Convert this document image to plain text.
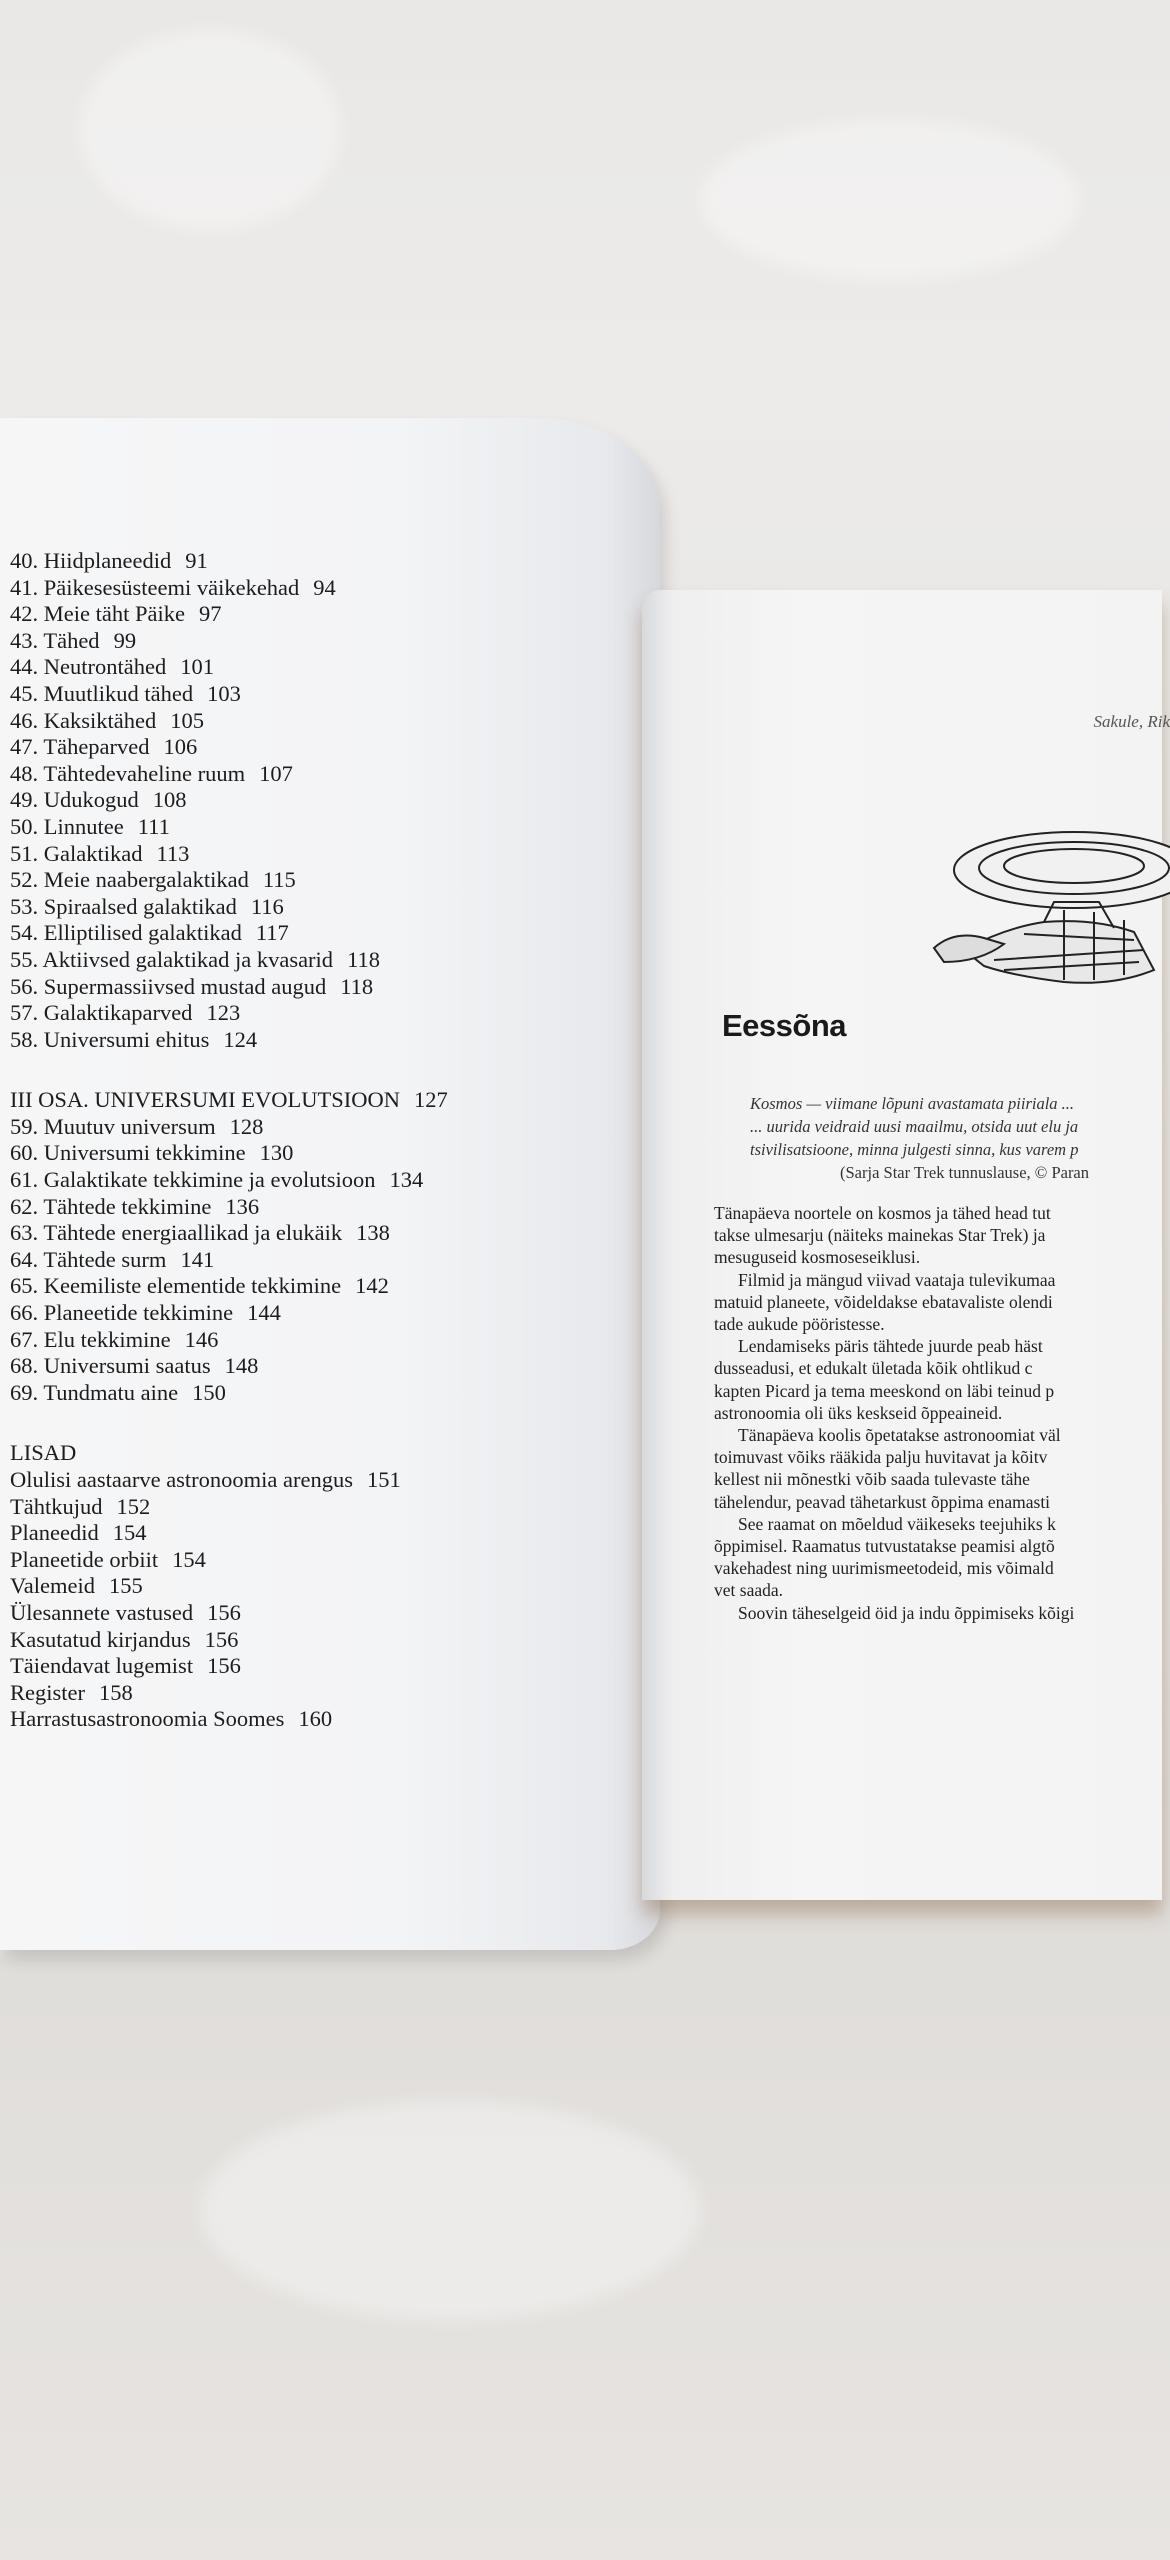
40. Hiidplaneedid 91
41. Päikesesüsteemi väikekehad 94
42. Meie täht Päike 97
43. Tähed 99
44. Neutrontähed 101
45. Muutlikud tähed 103
46. Kaksiktähed 105
47. Täheparved 106
48. Tähtedevaheline ruum 107
49. Udukogud 108
50. Linnutee 111
51. Galaktikad 113
52. Meie naabergalaktikad 115
53. Spiraalsed galaktikad 116
54. Elliptilised galaktikad 117
55. Aktiivsed galaktikad ja kvasarid 118
56. Supermassiivsed mustad augud 118
57. Galaktikaparved 123
58. Universumi ehitus 124
III OSA. UNIVERSUMI EVOLUTSIOON 127
59. Muutuv universum 128
60. Universumi tekkimine 130
61. Galaktikate tekkimine ja evolutsioon 134
62. Tähtede tekkimine 136
63. Tähtede energiaallikad ja elukäik 138
64. Tähtede surm 141
65. Keemiliste elementide tekkimine 142
66. Planeetide tekkimine 144
67. Elu tekkimine 146
68. Universumi saatus 148
69. Tundmatu aine 150
LISAD
Olulisi aastaarve astronoomia arengus 151
Tähtkujud 152
Planeedid 154
Planeetide orbiit 154
Valemeid 155
Ülesannete vastused 156
Kasutatud kirjandus 156
Täiendavat lugemist 156
Register 158
Harrastusastronoomia Soomes 160
Sakule, Rik
Eessõna
Kosmos — viimane lõpuni avastamata piiriala ...
... uurida veidraid uusi maailmu, otsida uut elu ja
tsivilisatsioone, minna julgesti sinna, kus varem p
(Sarja Star Trek tunnuslause, © Paran
Tänapäeva noortele on kosmos ja tähed head tut
takse ulmesarju (näiteks mainekas Star Trek) ja
mesuguseid kosmoseseiklusi.
Filmid ja mängud viivad vaataja tulevikumaa
matuid planeete, võideldakse ebatavaliste olendi
tade aukude pööristesse.
Lendamiseks päris tähtede juurde peab häst
dusseadusi, et edukalt ületada kõik ohtlikud c
kapten Picard ja tema meeskond on läbi teinud p
astronoomia oli üks keskseid õppeaineid.
Tänapäeva koolis õpetatakse astronoomiat väl
toimuvast võiks rääkida palju huvitavat ja kõitv
kellest nii mõnestki võib saada tulevaste tähe
tähelendur, peavad tähetarkust õppima enamasti
See raamat on mõeldud väikeseks teejuhiks k
õppimisel. Raamatus tutvustatakse peamisi algtõ
vakehadest ning uurimismeetodeid, mis võimald
vet saada.
Soovin täheselgeid öid ja indu õppimiseks kõigi
